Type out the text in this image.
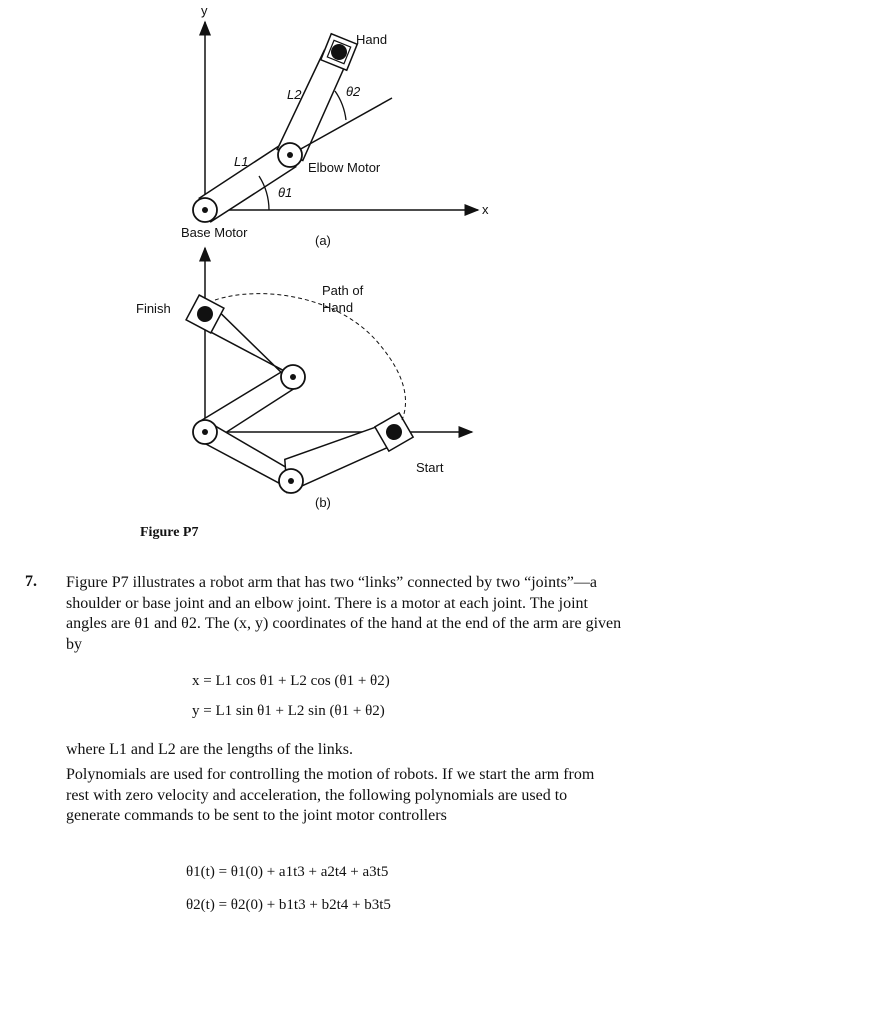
y
x
Hand
L2	θ2
L1
θ1
Elbow Motor
Base Motor
(a)
Path of
Hand
Finish
Start
(b)
Figure P7
7. Figure P7 illustrates a robot arm that has two “links” connected by two “joints”—a shoulder or base joint and an elbow joint. There is a motor at each joint. The joint angles are θ1 and θ2. The (x, y) coordinates of the hand at the end of the arm are given by

x = L1 cos θ1 + L2 cos (θ1 + θ2)
y = L1 sin θ1 + L2 sin (θ1 + θ2)

where L1 and L2 are the lengths of the links.

Polynomials are used for controlling the motion of robots. If we start the arm from rest with zero velocity and acceleration, the following polynomials are used to generate commands to be sent to the joint motor controllers

θ1(t) = θ1(0) + a1t3 + a2t4 + a3t5
θ2(t) = θ2(0) + b1t3 + b2t4 + b3t5
